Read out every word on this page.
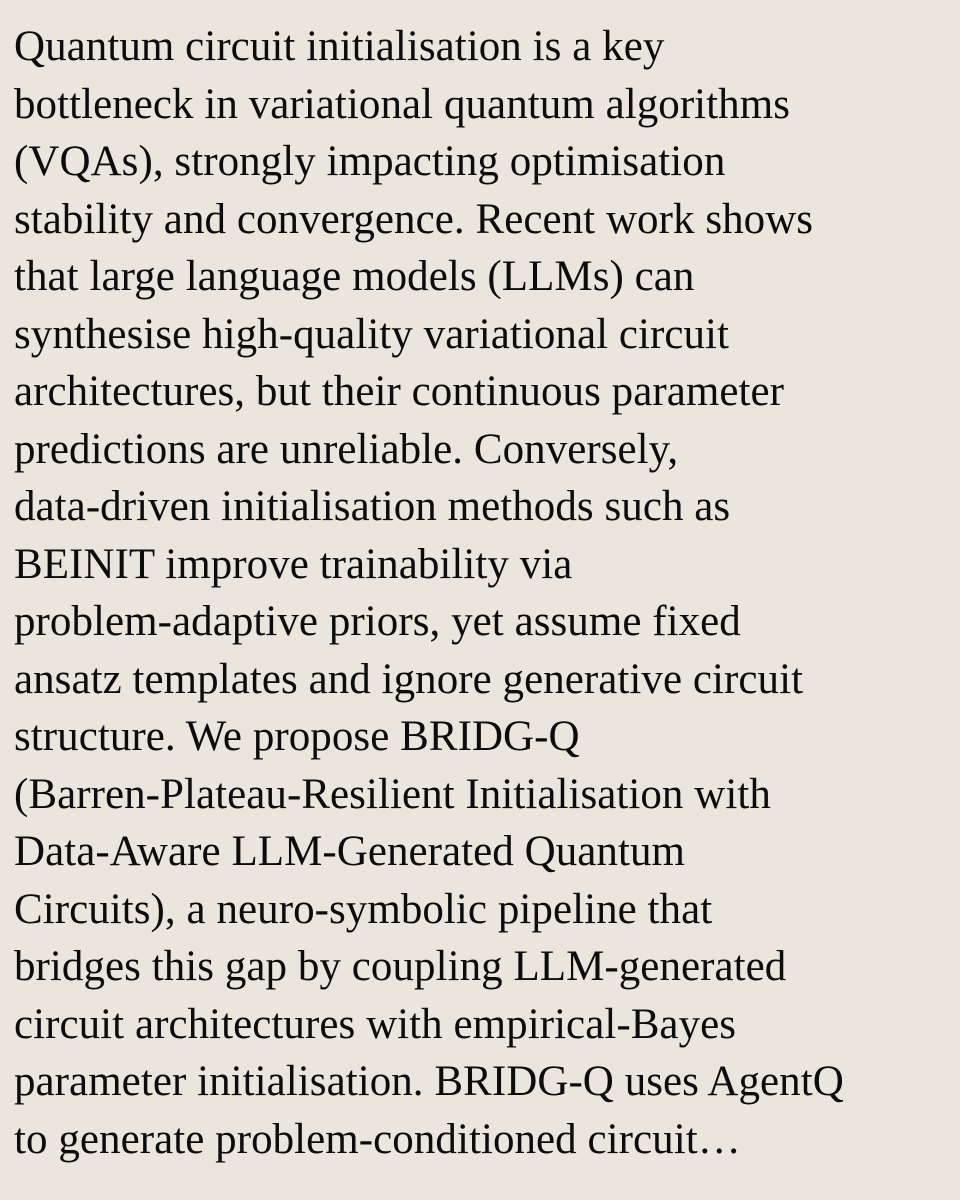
Quantum circuit initialisation is a key
bottleneck in variational quantum algorithms
(VQAs), strongly impacting optimisation
stability and convergence. Recent work shows
that large language models (LLMs) can
synthesise high-quality variational circuit
architectures, but their continuous parameter
predictions are unreliable. Conversely,
data-driven initialisation methods such as
BEINIT improve trainability via
problem-adaptive priors, yet assume fixed
ansatz templates and ignore generative circuit
structure. We propose BRIDG-Q
(Barren-Plateau-Resilient Initialisation with
Data-Aware LLM-Generated Quantum
Circuits), a neuro-symbolic pipeline that
bridges this gap by coupling LLM-generated
circuit architectures with empirical-Bayes
parameter initialisation. BRIDG-Q uses AgentQ
to generate problem-conditioned circuit…
